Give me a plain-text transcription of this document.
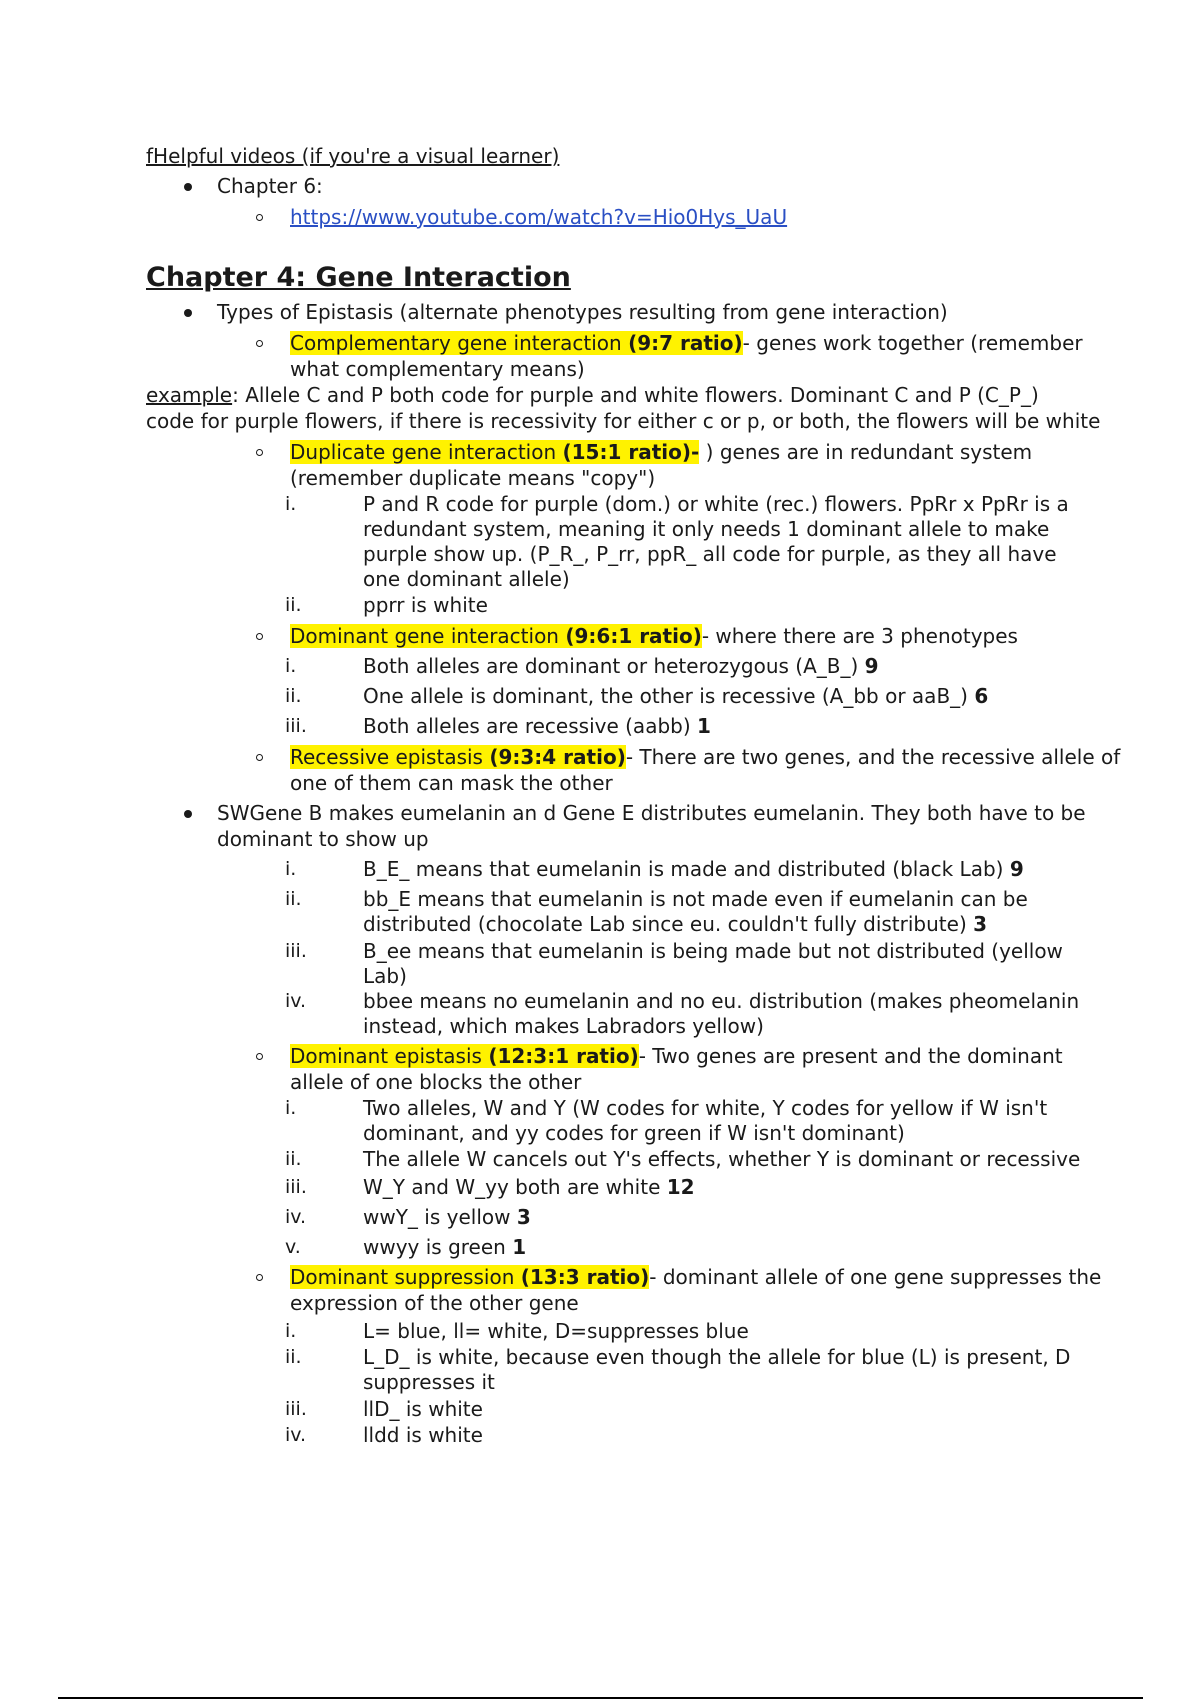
fHelpful videos (if you're a visual learner)
Chapter 6:
https://www.youtube.com/watch?v=Hio0Hys_UaU
Chapter 4: Gene Interaction
Types of Epistasis (alternate phenotypes resulting from gene interaction)
Complementary gene interaction (9:7 ratio)- genes work together (remember
what complementary means)
example: Allele C and P both code for purple and white flowers. Dominant C and P (C_P_)
code for purple flowers, if there is recessivity for either c or p, or both, the flowers will be white
Duplicate gene interaction (15:1 ratio)- ) genes are in redundant system
(remember duplicate means "copy")
i.	P and R code for purple (dom.) or white (rec.) flowers. PpRr x PpRr is a
redundant system, meaning it only needs 1 dominant allele to make
purple show up. (P_R_, P_rr, ppR_ all code for purple, as they all have
one dominant allele)
ii.	pprr is white
Dominant gene interaction (9:6:1 ratio)- where there are 3 phenotypes
i.	Both alleles are dominant or heterozygous (A_B_) 9
ii.	One allele is dominant, the other is recessive (A_bb or aaB_) 6
iii.	Both alleles are recessive (aabb) 1
Recessive epistasis (9:3:4 ratio)- There are two genes, and the recessive allele of
one of them can mask the other
SWGene B makes eumelanin an d Gene E distributes eumelanin. They both have to be
dominant to show up
i.	B_E_ means that eumelanin is made and distributed (black Lab) 9
ii.	bb_E means that eumelanin is not made even if eumelanin can be
distributed (chocolate Lab since eu. couldn't fully distribute) 3
iii.	B_ee means that eumelanin is being made but not distributed (yellow
Lab)
iv.	bbee means no eumelanin and no eu. distribution (makes pheomelanin
instead, which makes Labradors yellow)
Dominant epistasis (12:3:1 ratio)- Two genes are present and the dominant
allele of one blocks the other
i.	Two alleles, W and Y (W codes for white, Y codes for yellow if W isn't
dominant, and yy codes for green if W isn't dominant)
ii.	The allele W cancels out Y's effects, whether Y is dominant or recessive
iii.	W_Y and W_yy both are white 12
iv.	wwY_ is yellow 3
v.	wwyy is green 1
Dominant suppression (13:3 ratio)- dominant allele of one gene suppresses the
expression of the other gene
i.	L= blue, ll= white, D=suppresses blue
ii.	L_D_ is white, because even though the allele for blue (L) is present, D
suppresses it
iii.	llD_ is white
iv.	lldd is white
